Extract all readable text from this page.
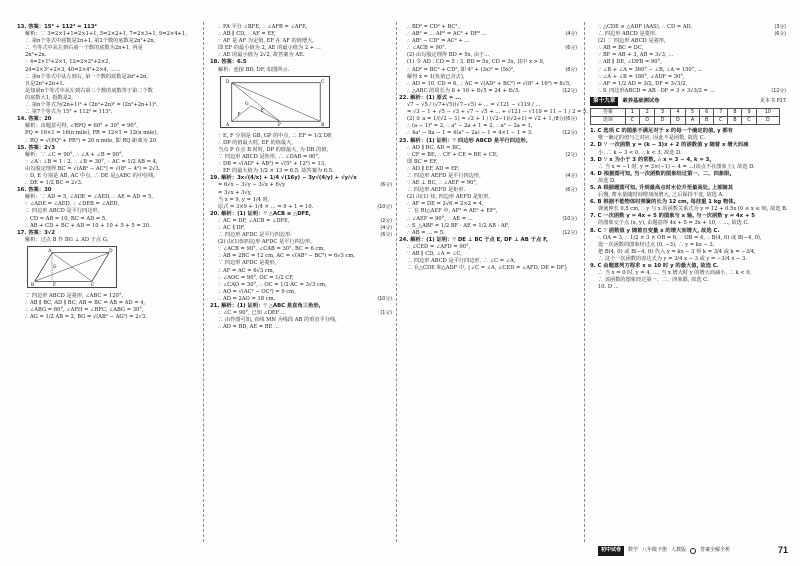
13. 答案：15² + 112² = 113²
解析：∵ 3=2×1+1=2×1+1, 5=2×2+1, 7=2×3+1, 9=2×4+1,
∴ 第n个等式中底数是2n+1, 第2个数的底数是2n²+2n,
∴ 当等式中从左到右第一个数的底数为2n+1, 再是
2n²+2n.
∵ 4=2×1²+2×1, 12=2×2²+2×2,
24=2×3²+2×3, 40=2×4²+2×4, ……
∴ 第n个等式中从左到右, 第一个数的底数是2n²+2n,
且是2n²+2n+1.
是知第n个等式中从左到右第三个数的底数等于第二个数
的底数大1, 指数是2.
∴ 第n个等式为(2n+1)² + (2n²+2n)² = (2n²+2n+1)².
∴ 第7个等式为 15² + 112² = 113².
14. 答案：20
解析：由题意可得, ∠RPQ = 60° + 30° = 90°,
PQ = 16×1 = 16(n mile), PR = 12×1 = 12(n mile),
∴ RQ = √(PQ² + PR²) = 20 n mile, 即 RQ 距离为 20.
15. 答案：2√3
解析：∵ ∠C = 90°, ∴ ∠A + ∠B = 90°,
∵ ∠A : ∠B = 1 : 2, ∴ ∠B = 30°, ∴ AC = 1/2 AB = 4,
由勾股定理得 BC = √(AB² − AC²) = √(8² − 4²) = 2√3.
∵ D, E 分别是 AB, AC 中点, ∴ DE 是△ABC 的中位线,
∴ DE = 1/2 BC = 2√3.
16. 答案：30
解析：∵ AD = 5, ∠ADE = ∠AED, ∴ AE = AD = 5,
∵ ∠ADE = ∠AED, ∴ ∠DEB = ∠AED,
∴ 四边形 ABCD 是平行四边形,
∴ CD = AB = 10, BC = AD = 5,
∴ AB + CD + BC + AD = 10 + 10 + 5 + 5 = 30.
17. 答案：3√2
解析：过点 B 作 BG ⊥ AD 于点 G,
A	D
B	C
F
G
∵ 四边形 ABCD 是菱形, ∠ABC = 120°,
∴ AB ∥ BC, AD ∥ BC, AB = BC = AB = AD = 4,
∴ ∠ABG = 60°, ∠AFH = ∠BFC, ∠ABG = 30°,
∴ AG = 1/2 AB = 2, BG = √(AB² − AG²) = 2√3.
∴ FA 平分 ∠BFE, ∴ ∠AFB = ∠AFE,
∴ AB ∥ CD, ∴ AF = EF,
∵ AF 是 AF 为定值, EF 在 AF 的值增大,
即 EF 的最小值为 2, AE 的最小值为 2 + ...
∴ AE 的最小值为 2√2, 故答案为 AE.
18. 答案：6.5
解析：连接 BD, DF, 如图所示.
D	C
A	B
P
G
E
F
∵ E, F 分别是 GB, GP 的中点, ∴ EF = 1/2 DP,
∴ DP 的值最大时, EF 的值最大,
当点 P 在点 B 时时, DP 的值最大, 为 DB 的值,
∵ 四边形 ABCD 是矩形, ∴ ∠DAB = 90°,
∴ DB = √(AD² + AB²) = √(5² + 12²) = 13,
∴ EF 的最大值为 1/2 × 13 = 6.5, 故答案为 6.5.
19. 解析：3x√(4/x) + 1/4 √(16y) − 3y√(4/y) + √y/√x
= 6√x − 3√y − 3√x + 6√y	(6分)
= 3√x + 3√y,
当 x = 9, y = 1/4 时,
原式 = 3×9 + 1/4 × ... = 9 + 1 = 10.	(10分)
20. 解析：(1) 证明：∵ △ACB ≅ △DFE,
∴ AC = DF, ∠ACB = ∠DFE,	(2分)
∴ AC ∥ DF,	(4分)
∴ 四边形 AFDC 是平行四边形.	(6分)
(2) 由(1)知四边形 AFDC 是平行四边形,
∵ ∠ACB = 90°, ∠CAB = 30°, BC = 6 cm,
∴ AB = 2BC = 12 cm, AC = √(AB² − BC²) = 6√3 cm,
∵ 四边形 AFDC 是菱形,
∴ AF = AC = 6√3 cm,
∴ ∠AOC = 90°, OC = 1/2 CF,
∵ ∠CAO = 30°, ∴ OC = 1/2 AC = 3√3 cm,
∴ AO = √(AC² − OC²) = 9 cm,
∴ AD = 2AO = 18 cm.	(10分)
21. 解析：(1) 证明：∵ △ABC 是直角三角形,
∴ ∠C = 90°, 已知 ∠DEF ...	(1分)
∴ 由作图可知, 直线 MN 为线段 AB 的垂直平分线,
∴ AD = BD, AE = BE ...
∴ BD² = CD² + BC²,
∴ AB² = ... AF² = AC² + DF² ...	(4分)
∴ AB² − CD² = AC² + ...
∴ ∠ACB = 90°.	(6分)
(2) 由勾股定理得 BD = 5x, 由于...
(1) 令 AD : CD = 5 : 3, BD = 5x, CD = 3x, 其中 x > 0,
∴ AD² = BC² + CD², 即 4² + (3x)² = (5x)²,	(8分)
解得 x = 1(负值已舍去),
∴ AD = 10, CD = 6, ∴ AC = √(AD² + BC²) = √(8² + 16²) = 8√5,
∴ △ABC 的周长为 8 + 16 + 8√5 = 24 + 8√5.	(12分)
22. 解析：(1) 原式 = ...
√7 − √5 / (√7+√5)(√7−√5) + ... = √121 − √119 / ...
= √3 − 1 + √5 − √3 + √7 − √5 + ... + √121 − √119 = 11 − 1 / 2 = 5.
(6分)
(2) ① a = 1/(√2 − 1) = √2 + 1 / (√2−1)(√2+1) = √2 + 1, (8分)
∴ (a − 1)² = 2, ∴ a² − 2a + 1 = 2, ∴ a² − 2a = 1,
∴ 4a² − 8a − 1 = 4(a² − 2a) − 1 = 4×1 − 1 = 3.	(12分)
23. 解析：(1) 证明：∵ 四边形 ABCD 是平行四边形,
∴ AD ∥ BC, AD = BC,
∵ CF = BE, ∴ CF + CE = BE + CE,	(2分)
即 BC = EF,
∴ AD ∥ EF, AD = EF,
∴ 四边形 AEFD 是平行四边形,	(4分)
∵ AE ⊥ BC, ∴ ∠AEF = 90°,
∴ 四边形 AEFD 是矩形.	(6分)
(2) 由(1) 知, 四边形 AEFD 是矩形,
∴ AF = DE = 2√6 = 2×2 = 4,
∵ 在 Rt△AEF 中, AF² = AE² + EF²,
∴ ∠AEF = 90°, ∴ AE = ...	(10分)
∴ S_△ABF = 1/2 BF · AE = 1/2 AB · AF,
∴ AB = ... = 5.	(12分)
24. 解析：(1) 证明：∵ DE ⊥ BC 于点 E, DF ⊥ AB 于点 F,
∴ ∠CED = ∠AFD = 90°,
∵ AB ∥ CD, ∠A = ∠C,
∴ 四边形 ABCD 是平行四边形, ∴ ∠C = ∠A,
∴ 在△CDE 和△ADF 中, {∠C = ∠A, ∠CED = ∠AFD, DE = DF}
∴ △CDE ≅ △ADF (AAS), ∴ CD = AD,	(3分)
∴ 四边形 ABCD 是菱形.	(6分)
(2) ∵ 四边形 ABCD 是菱形,
∴ AB = BC = DC,
∵ BF = AB + 3, AB = 3√3, ...
∵ AB ∥ DE, ∠DFB = 90°,
∵ ∠B + ∠A = 360° − ∠B, ∠A = 150°, ...
∴ ∠A + ∠B = 180°, ∠ADF = 30°,
∴ AF = 1/2 AD = 3/2, DF = 3√3/2,
∴ S_四边形ABCD = AB · DF = 3 × 3√3/2 = ...	(12分)
第十九章	素养基础测试卷	见本书 P27
答案	1	2	3	4	5	6	7	8	9	10
选项	C	D	D	D	A	B	C	B	C	D
1. C 选项 C 的图象不满足对于 x 的每一个确定的值, y 都有
唯一确定的值与之对应, 因此不是函数, 故选 C.
2. D ∵ 一次函数 y = (k − 3)x + 2 的函数值 y 随着 x 增大而减
小, ∴ k − 3 < 0, ∴ k < 3, 故选 D.
3. D ∵ x 为小于 3 的常数, ∴ x = 3 − 4, k = 3,
∴ 当 x = −1 时, y = 3×(−1) − 4 = ...(该点不在图象上), 故选 D.
4. D 根据图可知, 当一次函数的图象经过第一、二、四象限,
故选 D.
5. A 根据题图可知, 升到最高点时水位升至最高处, 上部随其
后慢, 蓄水量随时间增加而增大, 之后保持不变, 故选 A.
6. B 根据不能物体时弹簧的长为 12 cm, 每挂重 1 kg 物体,
弹簧伸长 0.5 cm, ∴ y 与 x 的函数关系式为 y = 12 + 0.5x (0 ≤ x ≤ 9), 故选 B.
7. C 一次函数 y = 4x + 5 的图象与 x 轴, 与一次函数 y = 4x + 5
的图象交于点 (x, y), 由题意得 4x + 5 = 3x + 10, ∴ ..., 故选 C.
8. C ∵ 函数值 y 随着自变量 x 的增大而增大, 故选 C.
∴ OA = 3, ∴ 1/2 × 3 × OB = 6, ∴ OB = 4, ∴ B(4, 0) 或 B(−4, 0),
设一次函数的图象经过点 (0, −3), ∴ y = kx − 3,
把 B(4, 0) 或 B(−4, 0) 代入 y = kx − 3 得 k = 3/4 或 k = −3/4,
∴ 这个一次函数的表达式为 y = 3/4 x − 3 或 y = −3/4 x − 3.
9. C 由题意列方程求 x ≥ 10 时 y 的最大值, 故选 C.
∴ 当 x = 0 时, y = 4, ..., 当 x 增大时 y 的增大而减小, ∴ k < 0,
∴ 该函数的图象经过第一、二、四象限, 故选 C.
10. D ...
初中试卷	数学 八年级下册 人教版	答案全解全析	71
